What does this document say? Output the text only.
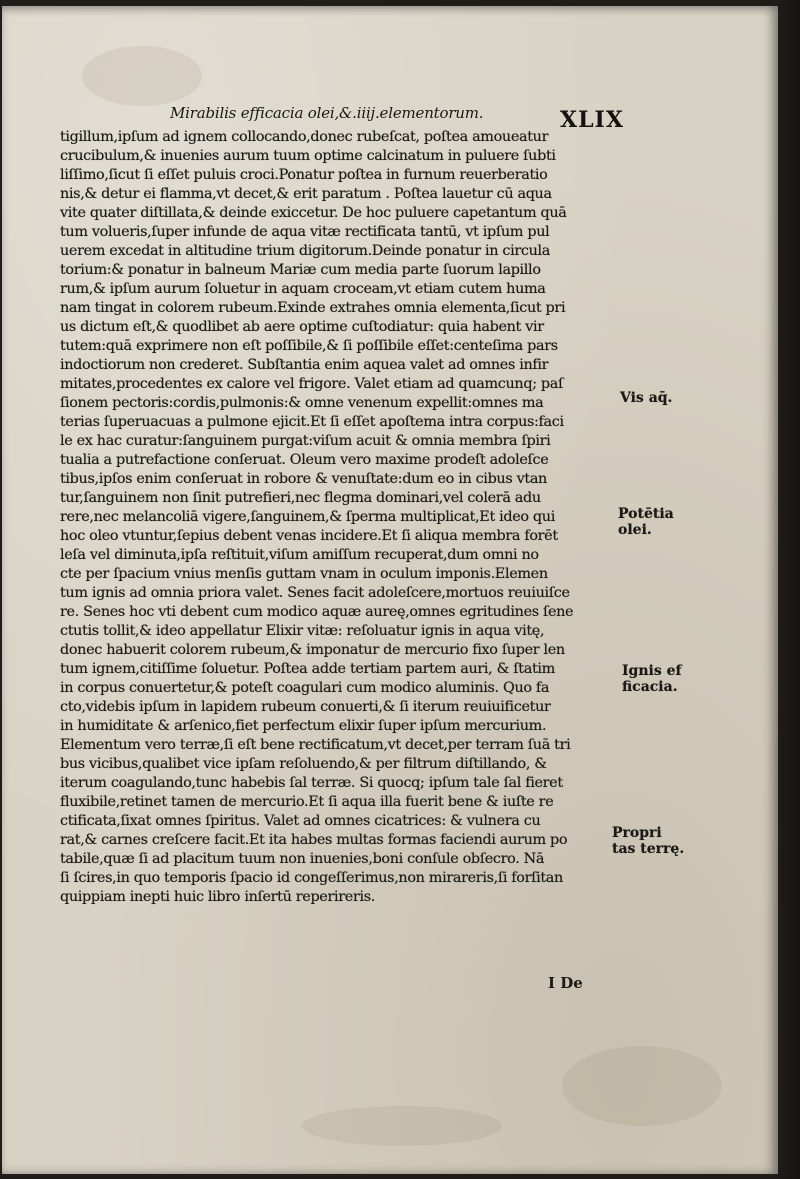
Mirabilis efficacia olei,&.iiij.elementorum.	XLIX
tigillum,ipſum ad ignem collocando,donec rubeſcat, poſtea amoueatur
crucibulum,& inuenies aurum tuum optime calcinatum in puluere ſubti
liſſimo,ſicut ſi eſſet puluis croci.Ponatur poſtea in furnum reuerberatio
nis,& detur ei flamma,vt decet,& erit paratum . Poſtea lauetur cū aqua
vite quater diſtillata,& deinde exiccetur. De hoc puluere capetantum quā
tum volueris,ſuper infunde de aqua vitæ rectificata tantū, vt ipſum pul
uerem excedat in altitudine trium digitorum.Deinde ponatur in circula
torium:& ponatur in balneum Mariæ cum media parte ſuorum lapillo
rum,& ipſum aurum ſoluetur in aquam croceam,vt etiam cutem huma
nam tingat in colorem rubeum.Exinde extrahes omnia elementa,ſicut pri
us dictum eſt,& quodlibet ab aere optime cuſtodiatur: quia habent vir
tutem:quā exprimere non eſt poſſibile,& ſi poſſibile eſſet:centeſima pars
indoctiorum non crederet. Subſtantia enim aquea valet ad omnes infir
mitates,procedentes ex calore vel frigore. Valet etiam ad quamcunq; paſ
ſionem pectoris:cordis,pulmonis:& omne venenum expellit:omnes ma
terias ſuperuacuas a pulmone ejicit.Et ſi eſſet apoſtema intra corpus:faci
le ex hac curatur:ſanguinem purgat:viſum acuit & omnia membra ſpiri
tualia a putrefactione conſeruat. Oleum vero maxime prodeſt adoleſce
tibus,ipſos enim conſeruat in robore & venuſtate:dum eo in cibus vtan
tur,ſanguinem non ſinit putrefieri,nec flegma dominari,vel colerā adu
rere,nec melancoliā vigere,ſanguinem,& ſperma multiplicat,Et ideo qui
hoc oleo vtuntur,ſepius debent venas incidere.Et ſi aliqua membra forēt
leſa vel diminuta,ipſa reſtituit,viſum amiſſum recuperat,dum omni no
cte per ſpacium vnius menſis guttam vnam in oculum imponis.Elemen
tum ignis ad omnia priora valet. Senes facit adoleſcere,mortuos reuiuiſce
re. Senes hoc vti debent cum modico aquæ aureę,omnes egritudines ſene
ctutis tollit,& ideo appellatur Elixir vitæ: reſoluatur ignis in aqua vitę,
donec habuerit colorem rubeum,& imponatur de mercurio fixo ſuper len
tum ignem,citiſſime ſoluetur. Poſtea adde tertiam partem auri, & ſtatim
in corpus conuertetur,& poteſt coagulari cum modico aluminis. Quo fa
cto,videbis ipſum in lapidem rubeum conuerti,& ſi iterum reuiuificetur
in humiditate & arſenico,fiet perfectum elixir ſuper ipſum mercurium.
Elementum vero terræ,ſi eſt bene rectificatum,vt decet,per terram ſuā tri
bus vicibus,qualibet vice ipſam reſoluendo,& per filtrum diſtillando, &
iterum coagulando,tunc habebis ſal terræ. Si quocq; ipſum tale ſal fieret
fluxibile,retinet tamen de mercurio.Et ſi aqua illa fuerit bene & iuſte re
ctificata,ſixat omnes ſpiritus. Valet ad omnes cicatrices: & vulnera cu
rat,& carnes creſcere facit.Et ita habes multas formas faciendi aurum po
tabile,quæ ſi ad placitum tuum non inuenies,boni conſule obſecro. Nā
ſi ſcires,in quo temporis ſpacio id congeſſerimus,non mirareris,ſi forſitan
quippiam inepti huic libro inſertū reperireris.
Vis aq̄.
Potētia
olei.
Ignis ef
ficacia.
Propri
tas terrę.
I De
